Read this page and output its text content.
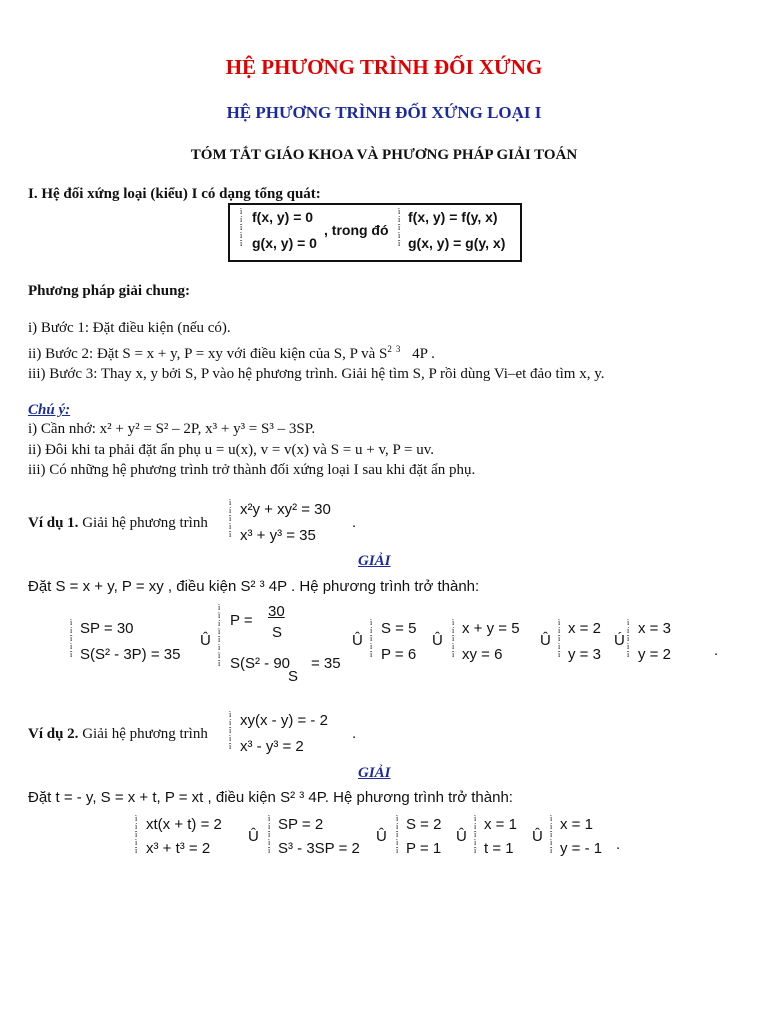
HỆ PHƯƠNG TRÌNH ĐỐI XỨNG
HỆ PHƯƠNG TRÌNH ĐỐI XỨNG LOẠI I
TÓM TẮT GIÁO KHOA VÀ PHƯƠNG PHÁP GIẢI TOÁN
I. Hệ đối xứng loại (kiểu) I có dạng tổng quát:
ì
í
î
ì
î
f(x, y) = 0
g(x, y) = 0
, trong đó
ì
í
î
ì
î
f(x, y) = f(y, x)
g(x, y) = g(y, x)
Phương pháp giải chung:
i) Bước 1: Đặt điều kiện (nếu có).
ii) Bước 2: Đặt S = x + y, P = xy với điều kiện của S, P và $S^2$ $^3$ 4P .
iii) Bước 3: Thay x, y bởi S, P vào hệ phương trình. Giải hệ tìm S, P rồi dùng Vi–et đảo tìm x, y.
Chú ý:
i) Cần nhớ: x² + y² = S² – 2P, x³ + y³ = S³ – 3SP.
ii) Đôi khi ta phải đặt ẩn phụ u = u(x), v = v(x) và S = u + v, P = uv.
iii) Có những hệ phương trình trở thành đối xứng loại I sau khi đặt ẩn phụ.
Ví dụ 1. Giải hệ phương trình
ì
í
î
ì
î
x²y + xy² = 30
x³ + y³ = 35
.
GIẢI
Đặt S = x + y, P = xy , điều kiện S² ³ 4P . Hệ phương trình trở thành:
ì
í
î
ì
î
SP = 30
S(S² - 3P) = 35
Û
ì
ï
í
ï
î
ì
ï
î
P =
30
S
S(S² - 90
S
= 35
Û
ì
í
î
ì
î
S = 5
P = 6
Û
ì
í
î
ì
î
x + y = 5
xy = 6
Û
ì
í
î
ì
î
x = 2
y = 3
Ú
ì
í
î
ì
î
x = 3
y = 2	.
Ví dụ 2. Giải hệ phương trình
ì
í
î
ì
î
xy(x - y) = - 2
x³ - y³ = 2
.
GIẢI
Đặt t = - y, S = x + t, P = xt , điều kiện S² ³ 4P. Hệ phương trình trở thành:
ì
í
î
ì
î
xt(x + t) = 2
x³ + t³ = 2
Û
ì
í
î
ì
î
SP = 2
S³ - 3SP = 2
Û
ì
í
î
ì
î
S = 2
P = 1
Û
ì
í
î
ì
î
x = 1
t = 1
Û
ì
í
î
ì
î
x = 1
y = - 1 .
